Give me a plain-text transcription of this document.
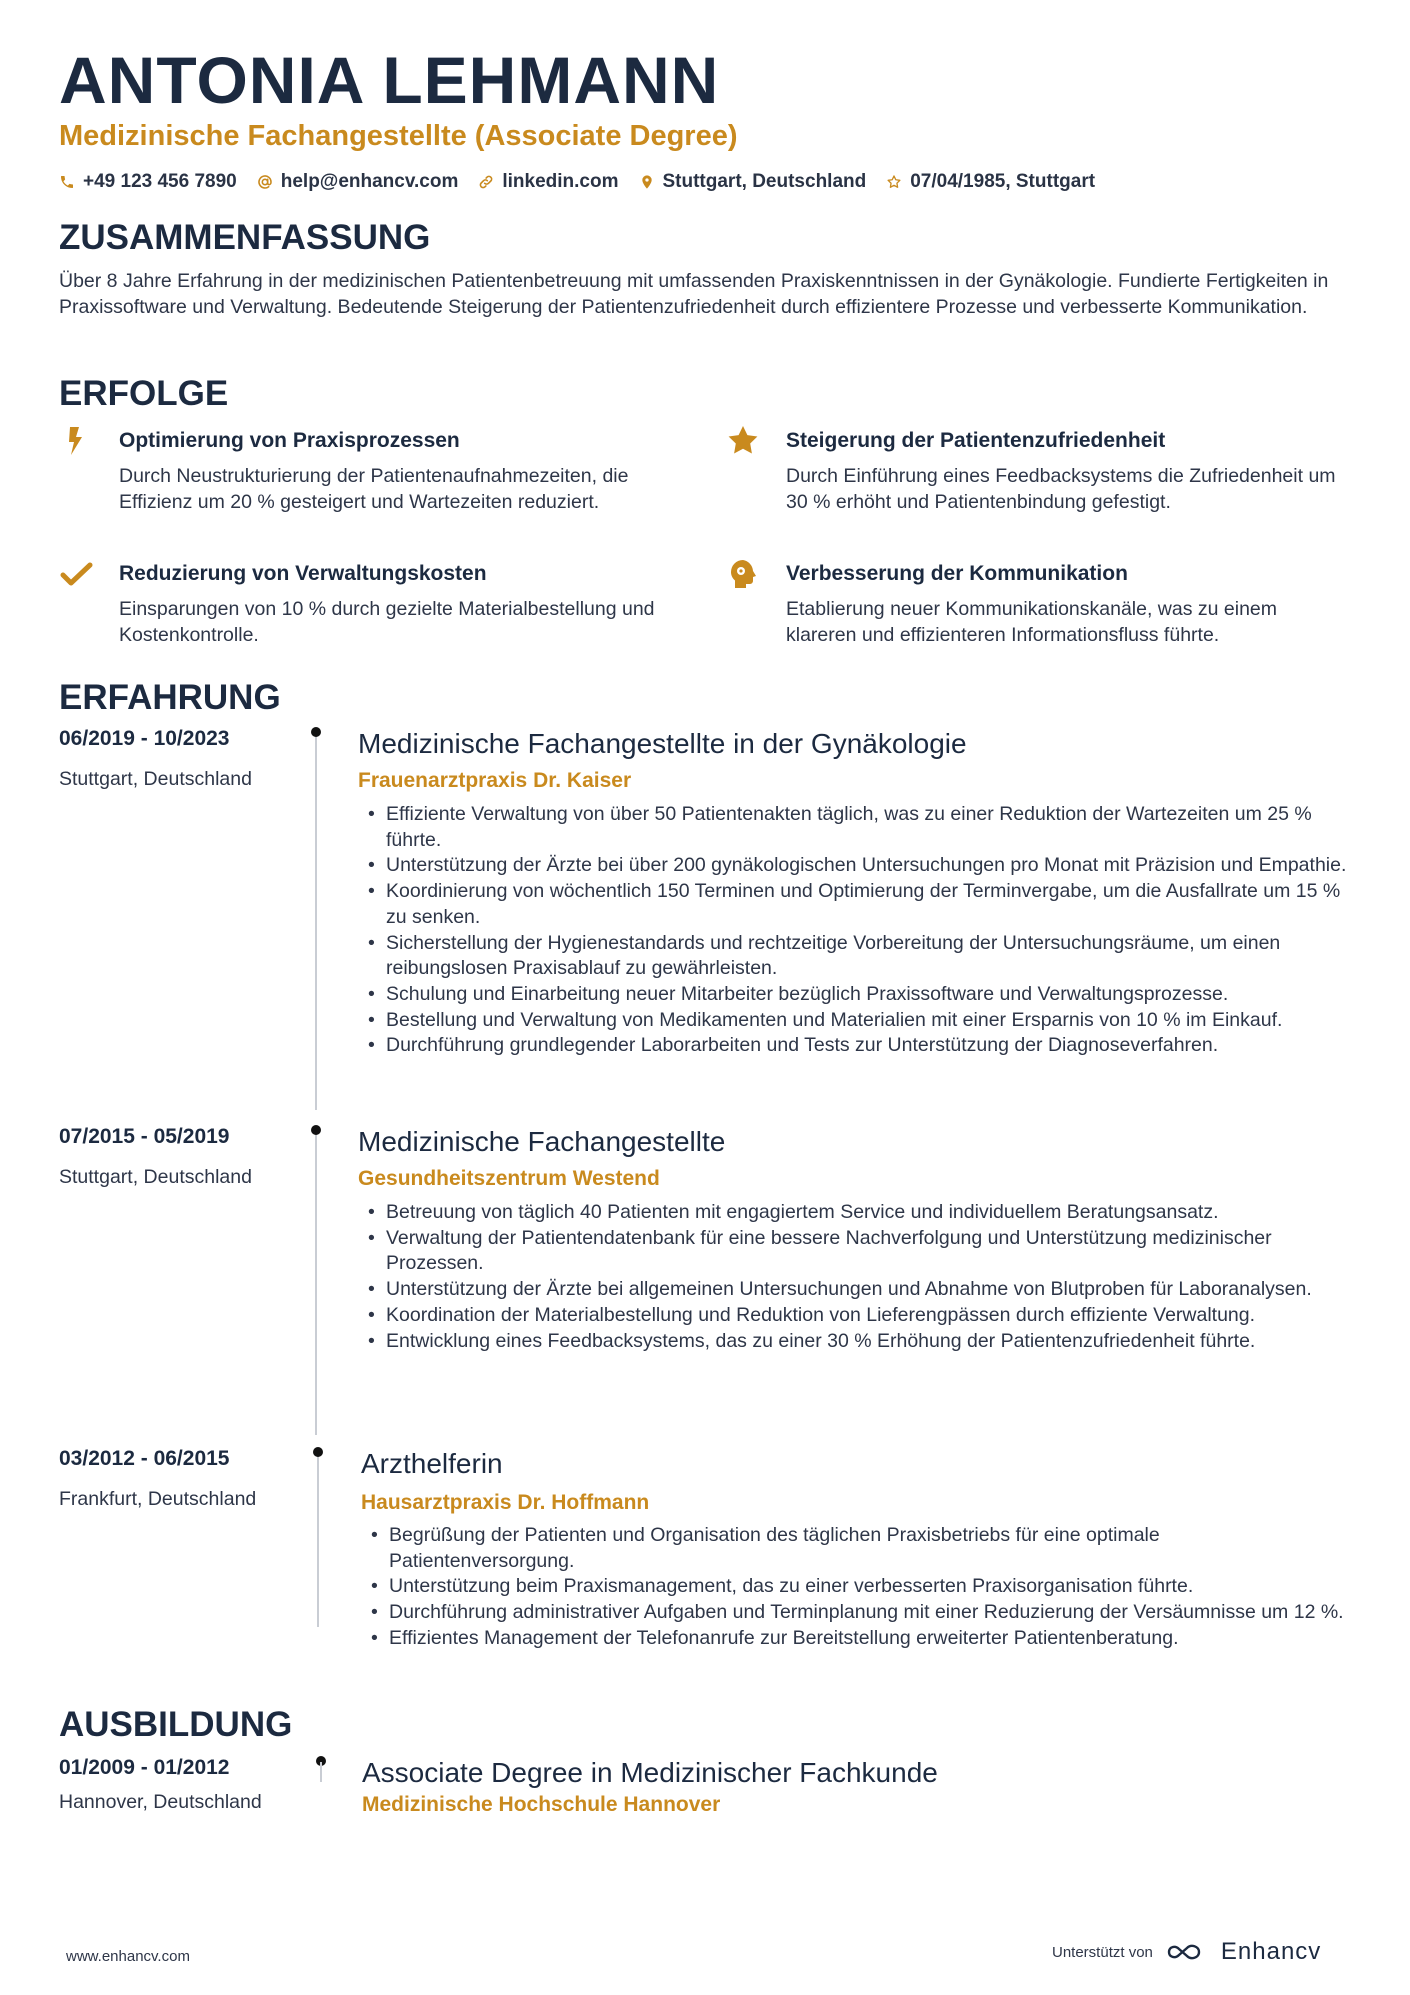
ANTONIA LEHMANN
Medizinische Fachangestellte (Associate Degree)
+49 123 456 7890 help@enhancv.com linkedin.com Stuttgart, Deutschland 07/04/1985, Stuttgart
ZUSAMMENFASSUNG
Über 8 Jahre Erfahrung in der medizinischen Patientenbetreuung mit umfassenden Praxiskenntnissen in der Gynäkologie. Fundierte Fertigkeiten in Praxissoftware und Verwaltung. Bedeutende Steigerung der Patientenzufriedenheit durch effizientere Prozesse und verbesserte Kommunikation.
ERFOLGE
Optimierung von Praxisprozessen
Durch Neustrukturierung der Patientenaufnahmezeiten, die Effizienz um 20 % gesteigert und Wartezeiten reduziert.
Steigerung der Patientenzufriedenheit
Durch Einführung eines Feedbacksystems die Zufriedenheit um 30 % erhöht und Patientenbindung gefestigt.
Reduzierung von Verwaltungskosten
Einsparungen von 10 % durch gezielte Materialbestellung und Kostenkontrolle.
Verbesserung der Kommunikation
Etablierung neuer Kommunikationskanäle, was zu einem klareren und effizienteren Informationsfluss führte.
ERFAHRUNG
06/2019 - 10/2023
Stuttgart, Deutschland
Medizinische Fachangestellte in der Gynäkologie
Frauenarztpraxis Dr. Kaiser
• Effiziente Verwaltung von über 50 Patientenakten täglich, was zu einer Reduktion der Wartezeiten um 25 % führte.
• Unterstützung der Ärzte bei über 200 gynäkologischen Untersuchungen pro Monat mit Präzision und Empathie.
• Koordinierung von wöchentlich 150 Terminen und Optimierung der Terminvergabe, um die Ausfallrate um 15 % zu senken.
• Sicherstellung der Hygienestandards und rechtzeitige Vorbereitung der Untersuchungsräume, um einen reibungslosen Praxisablauf zu gewährleisten.
• Schulung und Einarbeitung neuer Mitarbeiter bezüglich Praxissoftware und Verwaltungsprozesse.
• Bestellung und Verwaltung von Medikamenten und Materialien mit einer Ersparnis von 10 % im Einkauf.
• Durchführung grundlegender Laborarbeiten und Tests zur Unterstützung der Diagnoseverfahren.
07/2015 - 05/2019
Stuttgart, Deutschland
Medizinische Fachangestellte
Gesundheitszentrum Westend
• Betreuung von täglich 40 Patienten mit engagiertem Service und individuellem Beratungsansatz.
• Verwaltung der Patientendatenbank für eine bessere Nachverfolgung und Unterstützung medizinischer Prozessen.
• Unterstützung der Ärzte bei allgemeinen Untersuchungen und Abnahme von Blutproben für Laboranalysen.
• Koordination der Materialbestellung und Reduktion von Lieferengpässen durch effiziente Verwaltung.
• Entwicklung eines Feedbacksystems, das zu einer 30 % Erhöhung der Patientenzufriedenheit führte.
03/2012 - 06/2015
Frankfurt, Deutschland
Arzthelferin
Hausarztpraxis Dr. Hoffmann
• Begrüßung der Patienten und Organisation des täglichen Praxisbetriebs für eine optimale Patientenversorgung.
• Unterstützung beim Praxismanagement, das zu einer verbesserten Praxisorganisation führte.
• Durchführung administrativer Aufgaben und Terminplanung mit einer Reduzierung der Versäumnisse um 12 %.
• Effizientes Management der Telefonanrufe zur Bereitstellung erweiterter Patientenberatung.
AUSBILDUNG
01/2009 - 01/2012
Hannover, Deutschland
Associate Degree in Medizinischer Fachkunde
Medizinische Hochschule Hannover
www.enhancv.com	Unterstützt von	Enhancv
